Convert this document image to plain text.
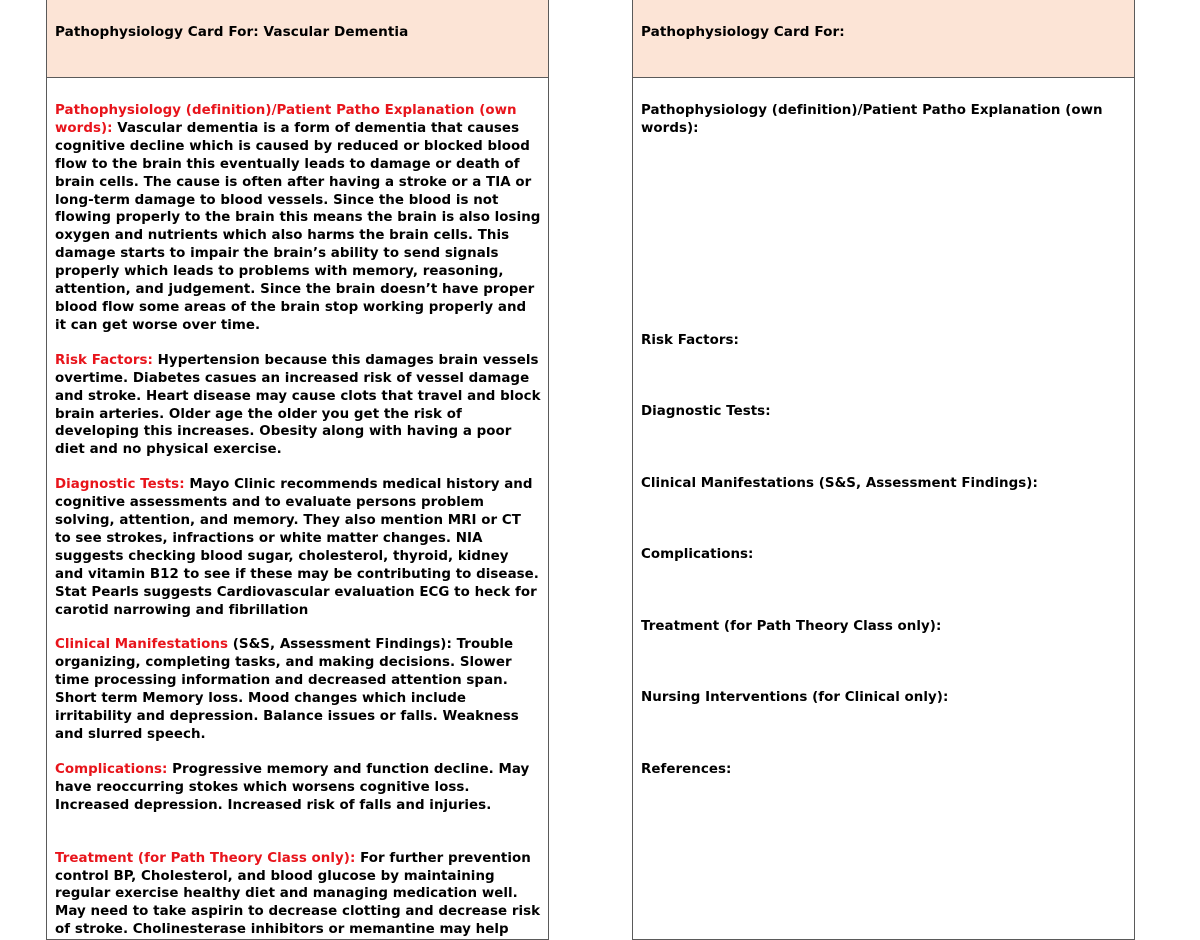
Pathophysiology Card For: Vascular Dementia

Pathophysiology (definition)/Patient Patho Explanation (own words): Vascular dementia is a form of dementia that causes cognitive decline which is caused by reduced or blocked blood flow to the brain this eventually leads to damage or death of brain cells. The cause is often after having a stroke or a TIA or long-term damage to blood vessels. Since the blood is not flowing properly to the brain this means the brain is also losing oxygen and nutrients which also harms the brain cells. This damage starts to impair the brain’s ability to send signals properly which leads to problems with memory, reasoning, attention, and judgement. Since the brain doesn’t have proper blood flow some areas of the brain stop working properly and it can get worse over time.

Risk Factors: Hypertension because this damages brain vessels overtime. Diabetes casues an increased risk of vessel damage and stroke. Heart disease may cause clots that travel and block brain arteries. Older age the older you get the risk of developing this increases. Obesity along with having a poor diet and no physical exercise.

Diagnostic Tests: Mayo Clinic recommends medical history and cognitive assessments and to evaluate persons problem solving, attention, and memory. They also mention MRI or CT to see strokes, infractions or white matter changes. NIA suggests checking blood sugar, cholesterol, thyroid, kidney and vitamin B12 to see if these may be contributing to disease. Stat Pearls suggests Cardiovascular evaluation ECG to heck for carotid narrowing and fibrillation

Clinical Manifestations (S&S, Assessment Findings): Trouble organizing, completing tasks, and making decisions. Slower time processing information and decreased attention span. Short term Memory loss. Mood changes which include irritability and depression. Balance issues or falls. Weakness and slurred speech.

Complications: Progressive memory and function decline. May have reoccurring stokes which worsens cognitive loss. Increased depression. Increased risk of falls and injuries.

Treatment (for Path Theory Class only): For further prevention control BP, Cholesterol, and blood glucose by maintaining regular exercise healthy diet and managing medication well. May need to take aspirin to decrease clotting and decrease risk of stroke. Cholinesterase inhibitors or memantine may help

Pathophysiology Card For:

Pathophysiology (definition)/Patient Patho Explanation (own words):

Risk Factors:

Diagnostic Tests:

Clinical Manifestations (S&S, Assessment Findings):

Complications:

Treatment (for Path Theory Class only):

Nursing Interventions (for Clinical only):

References:
